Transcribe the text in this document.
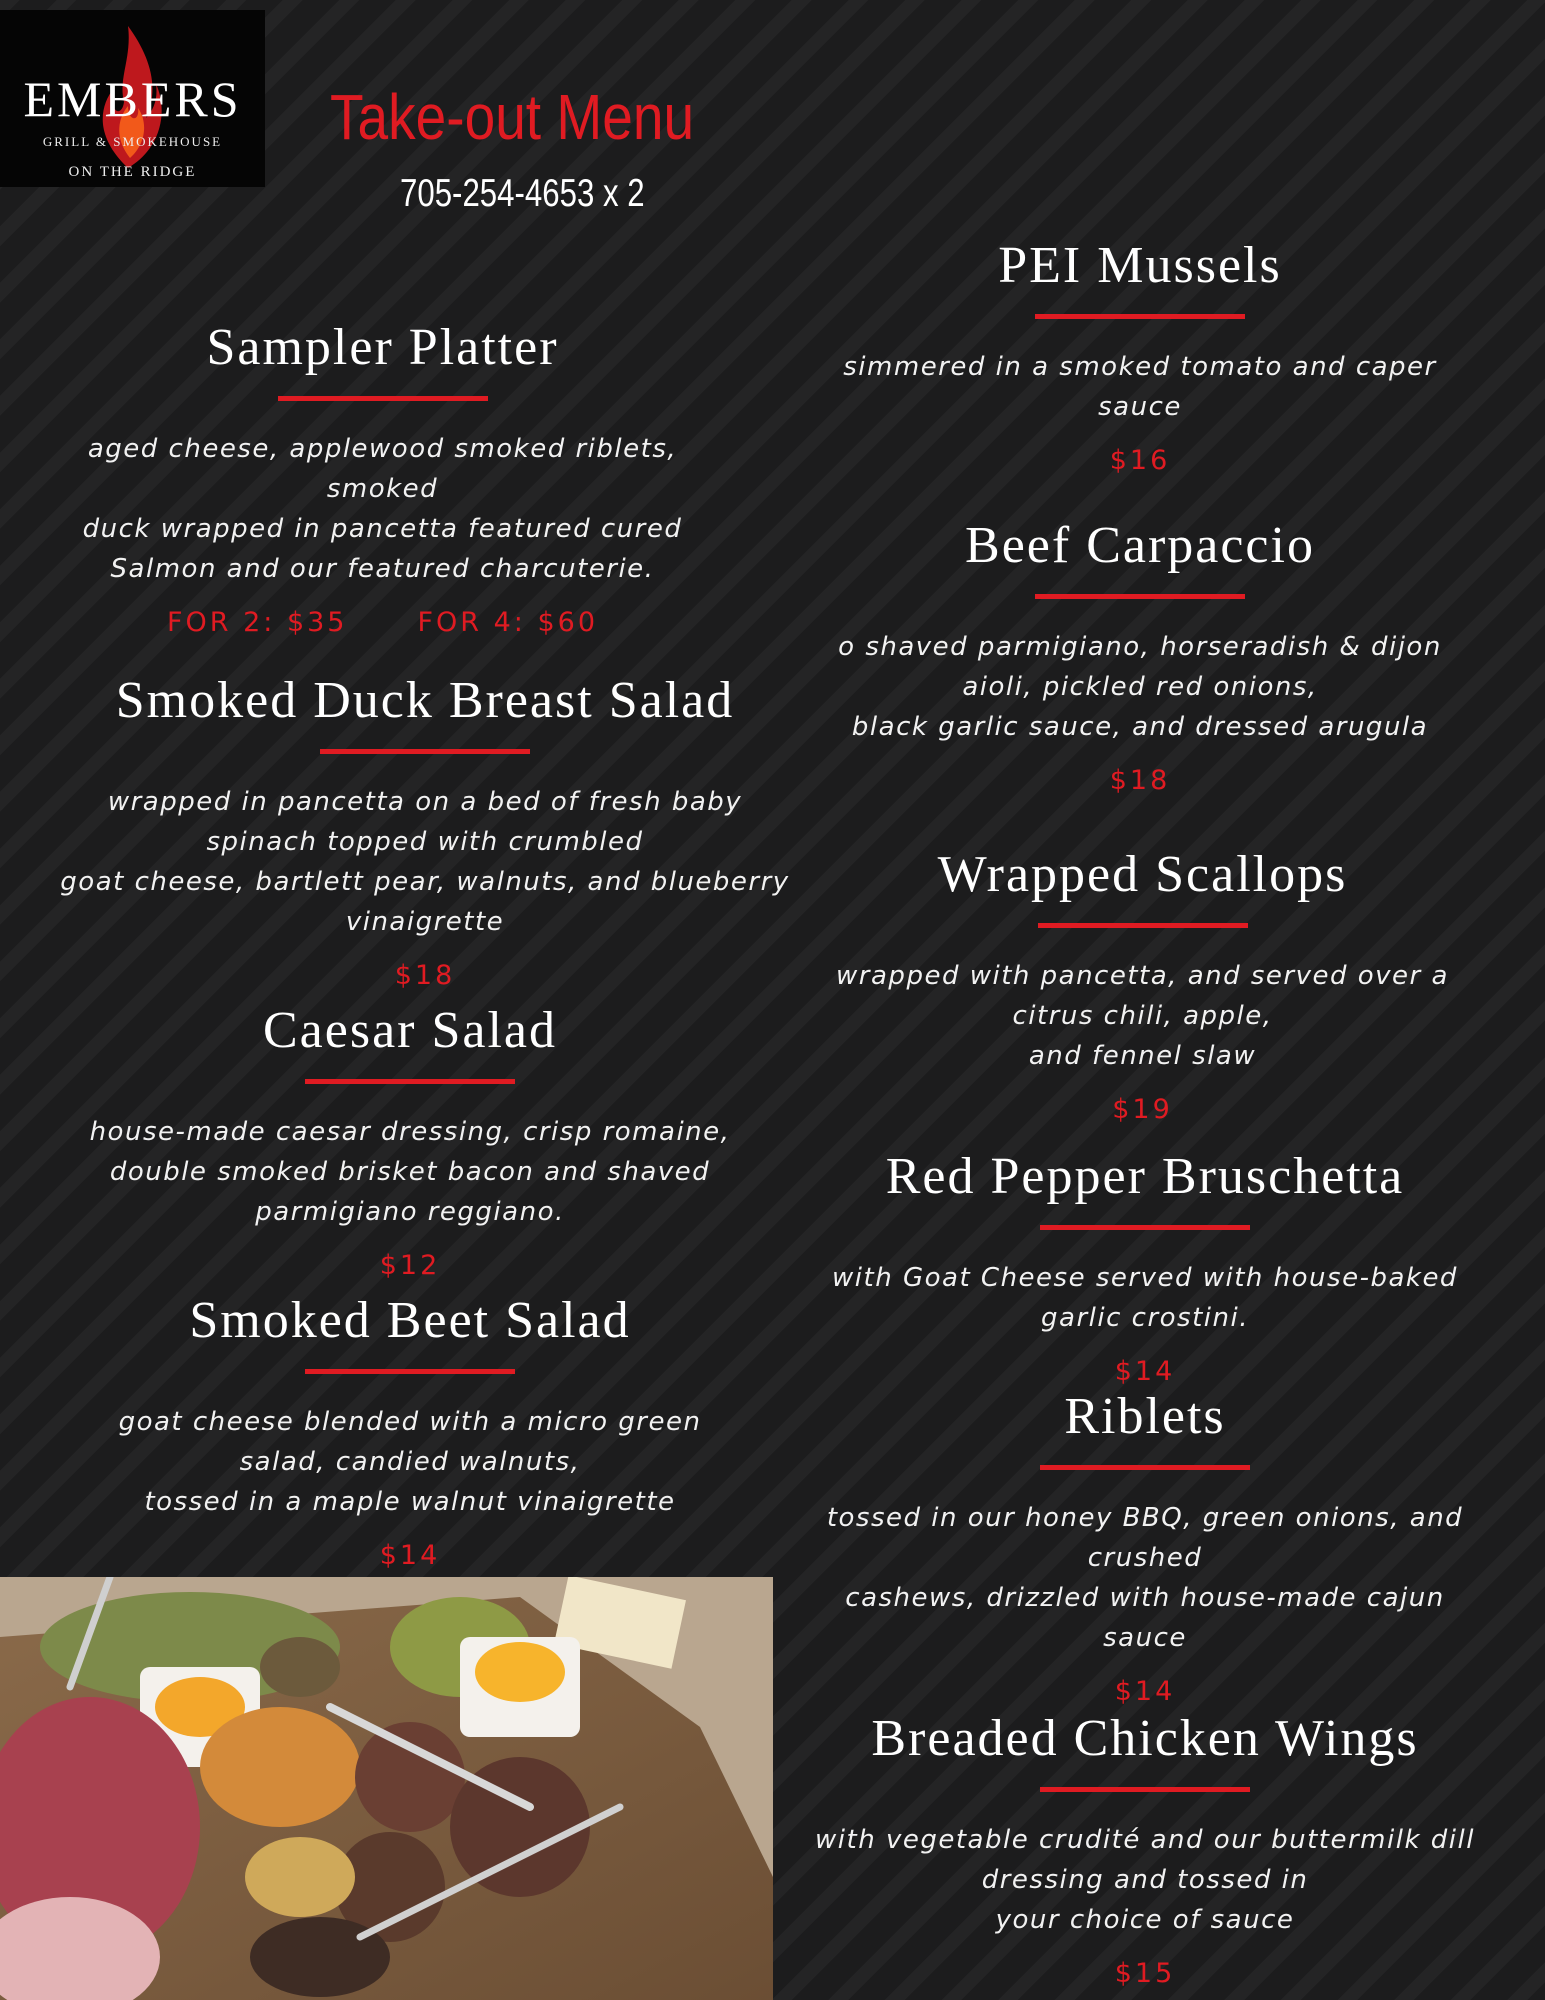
EMBERS
GRILL & SMOKEHOUSE
ON THE RIDGE
Take-out Menu
705-254-4653 x 2
Sampler Platter
aged cheese, applewood smoked riblets,
smoked
duck wrapped in pancetta featured cured
Salmon and our featured charcuterie.
FOR 2: $35	FOR 4: $60
Smoked Duck Breast Salad
wrapped in pancetta on a bed of fresh baby
spinach topped with crumbled
goat cheese, bartlett pear, walnuts, and blueberry
vinaigrette
$18
Caesar Salad
house-made caesar dressing, crisp romaine,
double smoked brisket bacon and shaved
parmigiano reggiano.
$12
Smoked Beet Salad
goat cheese blended with a micro green
salad, candied walnuts,
tossed in a maple walnut vinaigrette
$14
PEI Mussels
simmered in a smoked tomato and caper
sauce
$16
Beef Carpaccio
o shaved parmigiano, horseradish & dijon
aioli, pickled red onions,
black garlic sauce, and dressed arugula
$18
Wrapped Scallops
wrapped with pancetta, and served over a
citrus chili, apple,
and fennel slaw
$19
Red Pepper Bruschetta
with Goat Cheese served with house-baked
garlic crostini.
$14
Riblets
tossed in our honey BBQ, green onions, and
crushed
cashews, drizzled with house-made cajun
sauce
$14
Breaded Chicken Wings
with vegetable crudité and our buttermilk dill
dressing and tossed in
your choice of sauce
$15
